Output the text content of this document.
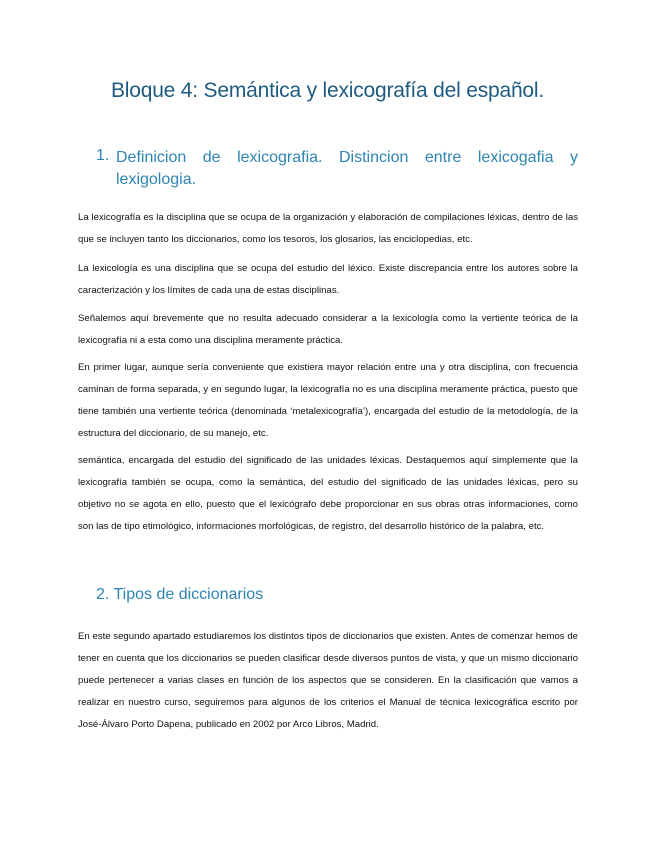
Bloque 4: Semántica y lexicografía del español.
1. Definicion de lexicografia. Distincion entre lexicogafia y lexigologia.

La lexicografía es la disciplina que se ocupa de la organización y elaboración de compilaciones léxicas, dentro de las que se incluyen tanto los diccionarios, como los tesoros, los glosarios, las enciclopedias, etc.

La lexicología es una disciplina que se ocupa del estudio del léxico. Existe discrepancia entre los autores sobre la caracterización y los límites de cada una de estas disciplinas.

Señalemos aquí brevemente que no resulta adecuado considerar a la lexicología como la vertiente teórica de la lexicografía ni a esta como una disciplina meramente práctica.

En primer lugar, aunque sería conveniente que existiera mayor relación entre una y otra disciplina, con frecuencia caminan de forma separada, y en segundo lugar, la lexicografía no es una disciplina meramente práctica, puesto que tiene también una vertiente teórica (denominada ‘metalexicografía’), encargada del estudio de la metodología, de la estructura del diccionario, de su manejo, etc.

semántica, encargada del estudio del significado de las unidades léxicas. Destaquemos aquí simplemente que la lexicografía también se ocupa, como la semántica, del estudio del significado de las unidades léxicas, pero su objetivo no se agota en ello, puesto que el lexicógrafo debe proporcionar en sus obras otras informaciones, como son las de tipo etimológico, informaciones morfológicas, de registro, del desarrollo histórico de la palabra, etc.

2. Tipos de diccionarios

En este segundo apartado estudiaremos los distintos tipos de diccionarios que existen. Antes de comenzar hemos de tener en cuenta que los diccionarios se pueden clasificar desde diversos puntos de vista, y que un mismo diccionario puede pertenecer a varias clases en función de los aspectos que se consideren. En la clasificación que vamos a realizar en nuestro curso, seguiremos para algunos de los criterios el Manual de técnica lexicográfica escrito por José-Álvaro Porto Dapena, publicado en 2002 por Arco Libros, Madrid.
